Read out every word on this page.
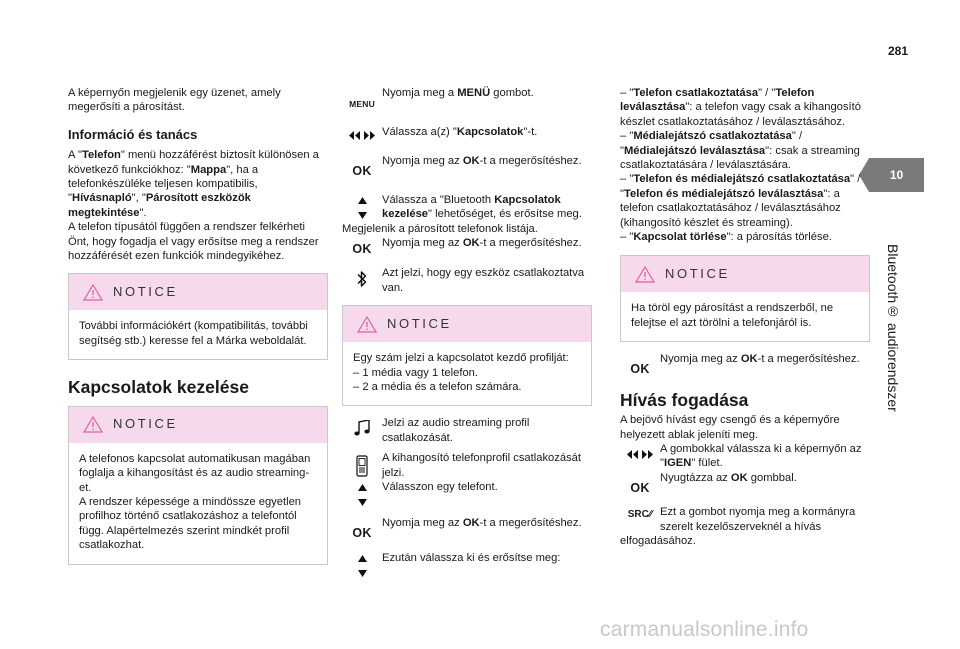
281
10
Bluetooth® audiorendszer

A képernyőn megjelenik egy üzenet, amely megerősíti a párosítást.

Információ és tanács

A "Telefon" menü hozzáférést biztosít különösen a következő funkciókhoz: "Mappa", ha a telefonkészüléke teljesen kompatibilis, "Hívásnapló", "Párosított eszközök megtekintése".

A telefon típusától függően a rendszer felkérheti Önt, hogy fogadja el vagy erősítse meg a rendszer hozzáférését ezen funkciók mindegyikéhez.

NOTICE
További információkért (kompatibilitás, további segítség stb.) keresse fel a Márka weboldalát.
Kapcsolatok kezelése
NOTICE

A telefonos kapcsolat automatikusan magában foglalja a kihangosítást és az audio streaming-et.

A rendszer képessége a mindössze egyetlen profilhoz történő csatlakozáshoz a telefontól függ. Alapértelmezés szerint mindkét profil csatlakozhat.

MENU
Nyomja meg a MENÜ gombot.
Válassza a(z) "Kapcsolatok"-t.
OK
Nyomja meg az OK-t a megerősítéshez.
Válassza a "Bluetooth Kapcsolatok kezelése" lehetőséget, és erősítse meg.

Megjelenik a párosított telefonok listája.

OK Nyomja meg az OK-t a megerősítéshez.
Azt jelzi, hogy egy eszköz csatlakoztatva van.
NOTICE

Egy szám jelzi a kapcsolatot kezdő profilját:

– 1 média vagy 1 telefon.

– 2 a média és a telefon számára.

Jelzi az audio streaming profil csatlakozását.
A kihangosító telefonprofil csatlakozását jelzi.
Válasszon egy telefont.
OK
Nyomja meg az OK-t a megerősítéshez.
Ezután válassza ki és erősítse meg:

– "Telefon csatlakoztatása" / "Telefon leválasztása": a telefon vagy csak a kihangosító készlet csatlakoztatásához / leválasztásához.

– "Médialejátszó csatlakoztatása" / "Médialejátszó leválasztása": csak a streaming csatlakoztatására / leválasztására.

– "Telefon és médialejátszó csatlakoztatása" / "Telefon és médialejátszó leválasztása": a telefon csatlakoztatásához / leválasztásához (kihangosító készlet és streaming).

– "Kapcsolat törlése": a párosítás törlése.

NOTICE
Ha töröl egy párosítást a rendszerből, ne felejtse el azt törölni a telefonjáról is.
OK
Nyomja meg az OK-t a megerősítéshez.
Hívás fogadása

A bejövő hívást egy csengő és a képernyőre helyezett ablak jeleníti meg.

A gombokkal válassza ki a képernyőn az "IGEN" fület.
OK
Nyugtázza az OK gombbal.
SRC ∕∕ Ezt a gombot nyomja meg a kormányra szerelt kezelőszerveknél a hívás

elfogadásához.

carmanualsonline.info
